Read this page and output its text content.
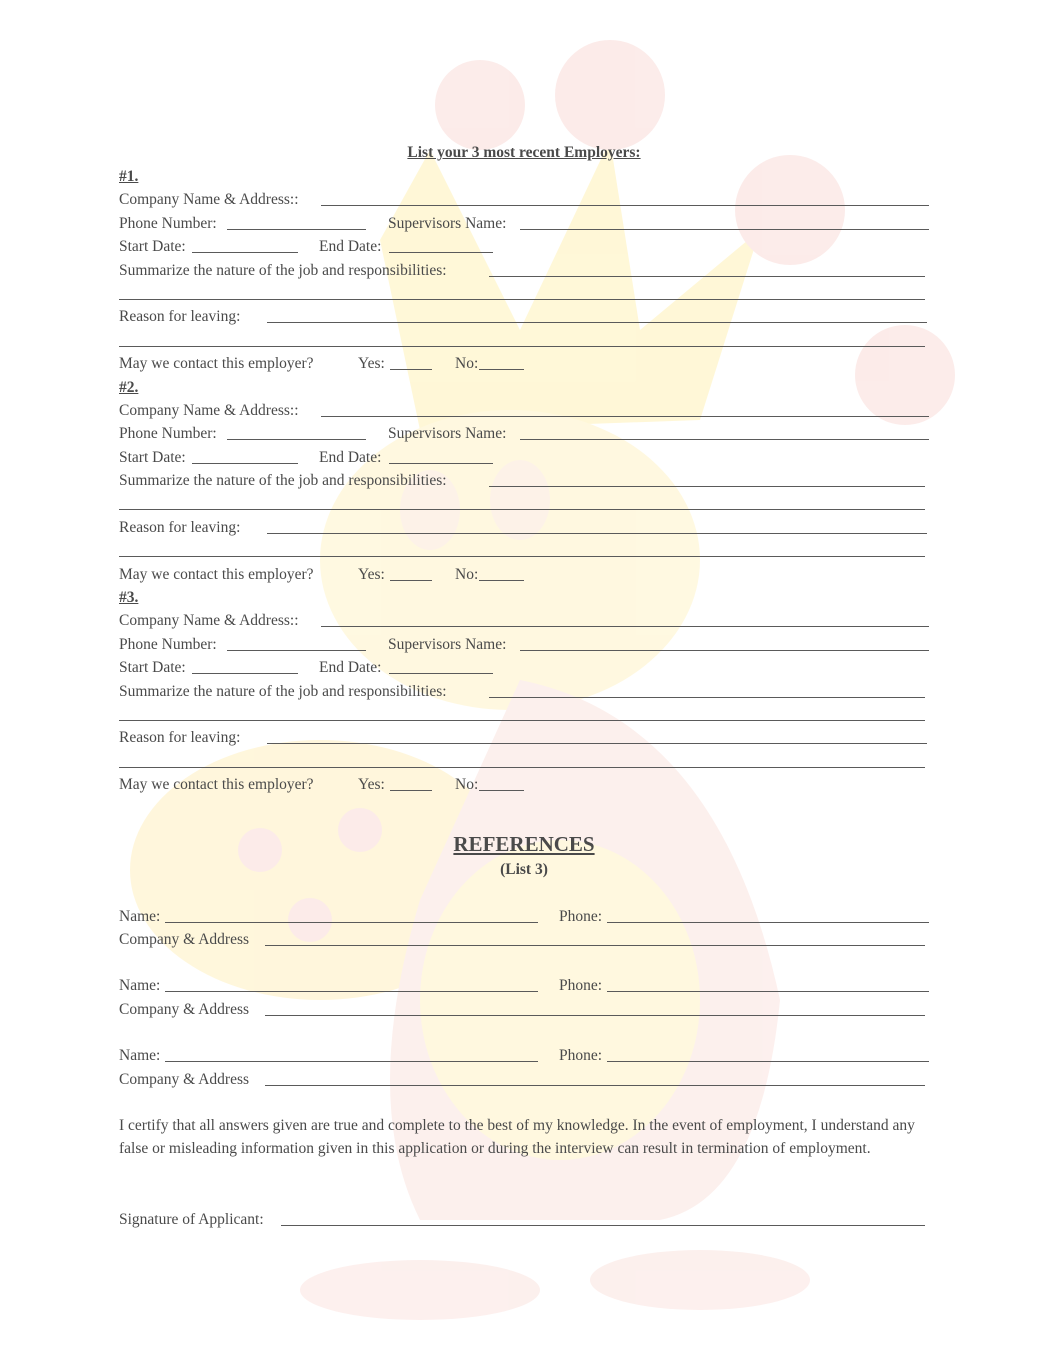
List your 3 most recent Employers:
#1.
Company Name & Address::
Phone Number:	Supervisors Name:
Start Date:	End Date:
Summarize the nature of the job and responsibilities:
Reason for leaving:
May we contact this employer?	Yes:	No:
#2.
Company Name & Address::
Phone Number:	Supervisors Name:
Start Date:	End Date:
Summarize the nature of the job and responsibilities:
Reason for leaving:
May we contact this employer?	Yes:	No:
#3.
Company Name & Address::
Phone Number:	Supervisors Name:
Start Date:	End Date:
Summarize the nature of the job and responsibilities:
Reason for leaving:
May we contact this employer?	Yes:	No:
REFERENCES
(List 3)
Name:	Phone:
Company & Address
Name:	Phone:
Company & Address
Name:	Phone:
Company & Address

I certify that all answers given are true and complete to the best of my knowledge. In the event of employment, I understand any false or misleading information given in this application or during the interview can result in termination of employment.

Signature of Applicant:
